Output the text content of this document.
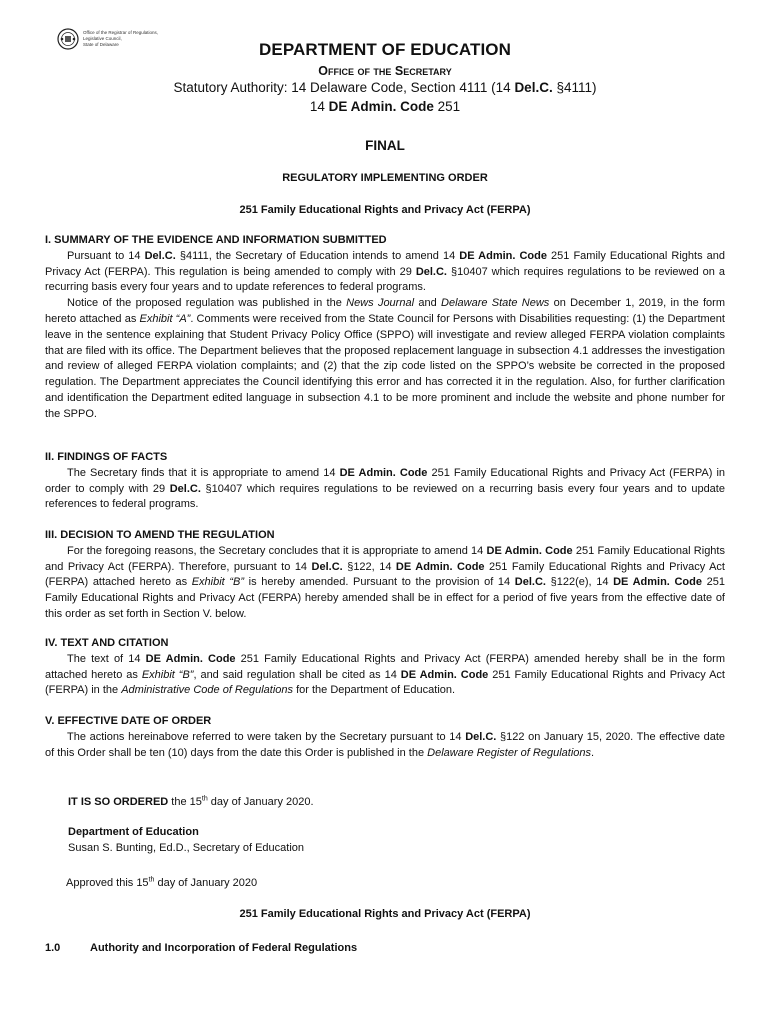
Office of the Registrar of Regulations,
Legislative Council,
State of Delaware	DEPARTMENT OF EDUCATION
Office of the Secretary
Statutory Authority: 14 Delaware Code, Section 4111 (14 Del.C. §4111)
14 DE Admin. Code 251
FINAL
REGULATORY IMPLEMENTING ORDER
251 Family Educational Rights and Privacy Act (FERPA)
I. SUMMARY OF THE EVIDENCE AND INFORMATION SUBMITTED
Pursuant to 14 Del.C. §4111, the Secretary of Education intends to amend 14 DE Admin. Code 251 Family Educational Rights and Privacy Act (FERPA). This regulation is being amended to comply with 29 Del.C. §10407 which requires regulations to be reviewed on a recurring basis every four years and to update references to federal programs.
Notice of the proposed regulation was published in the News Journal and Delaware State News on December 1, 2019, in the form hereto attached as Exhibit “A”. Comments were received from the State Council for Persons with Disabilities requesting: (1) the Department leave in the sentence explaining that Student Privacy Policy Office (SPPO) will investigate and review alleged FERPA violation complaints that are filed with its office. The Department believes that the proposed replacement language in subsection 4.1 addresses the investigation and review of alleged FERPA violation complaints; and (2) that the zip code listed on the SPPO’s website be corrected in the proposed regulation. The Department appreciates the Council identifying this error and has corrected it in the regulation. Also, for further clarification and identification the Department edited language in subsection 4.1 to be more prominent and include the website and phone number for the SPPO.
II. FINDINGS OF FACTS
The Secretary finds that it is appropriate to amend 14 DE Admin. Code 251 Family Educational Rights and Privacy Act (FERPA) in order to comply with 29 Del.C. §10407 which requires regulations to be reviewed on a recurring basis every four years and to update references to federal programs.
III. DECISION TO AMEND THE REGULATION
For the foregoing reasons, the Secretary concludes that it is appropriate to amend 14 DE Admin. Code 251 Family Educational Rights and Privacy Act (FERPA). Therefore, pursuant to 14 Del.C. §122, 14 DE Admin. Code 251 Family Educational Rights and Privacy Act (FERPA) attached hereto as Exhibit “B” is hereby amended. Pursuant to the provision of 14 Del.C. §122(e), 14 DE Admin. Code 251 Family Educational Rights and Privacy Act (FERPA) hereby amended shall be in effect for a period of five years from the effective date of this order as set forth in Section V. below.
IV. TEXT AND CITATION
The text of 14 DE Admin. Code 251 Family Educational Rights and Privacy Act (FERPA) amended hereby shall be in the form attached hereto as Exhibit “B”, and said regulation shall be cited as 14 DE Admin. Code 251 Family Educational Rights and Privacy Act (FERPA) in the Administrative Code of Regulations for the Department of Education.
V. EFFECTIVE DATE OF ORDER
The actions hereinabove referred to were taken by the Secretary pursuant to 14 Del.C. §122 on January 15, 2020. The effective date of this Order shall be ten (10) days from the date this Order is published in the Delaware Register of Regulations.
IT IS SO ORDERED the 15th day of January 2020.
Department of Education
Susan S. Bunting, Ed.D., Secretary of Education
Approved this 15th day of January 2020
251 Family Educational Rights and Privacy Act (FERPA)
1.0	Authority and Incorporation of Federal Regulations
